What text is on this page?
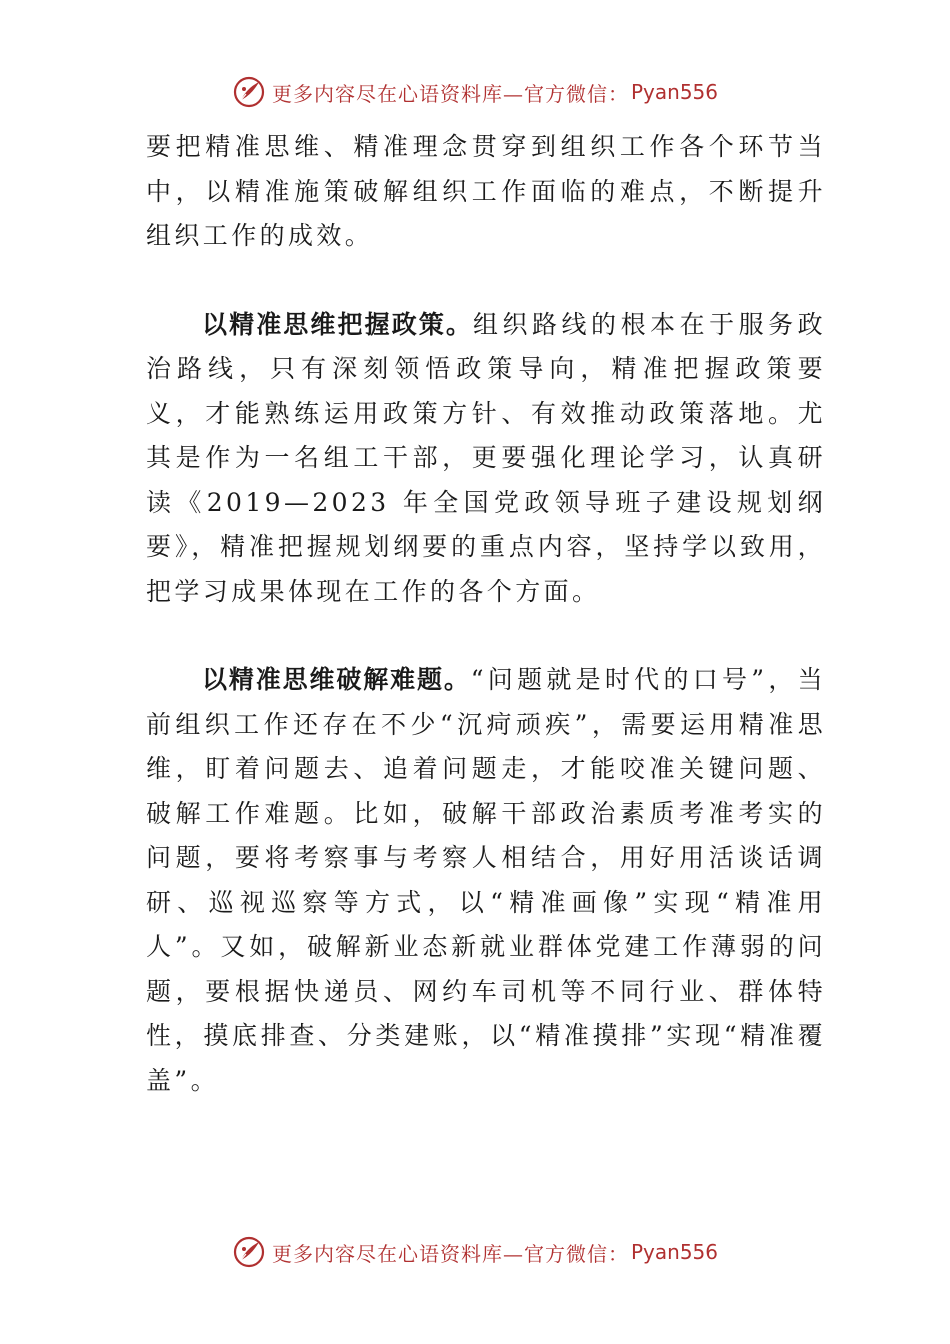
更多内容尽在心语资料库—官方微信： Pyan556

要把精准思维、精准理念贯穿到组织工作各个环节当中，以精准施策破解组织工作面临的难点，不断提升组织工作的成效。

以精准思维把握政策。组织路线的根本在于服务政治路线，只有深刻领悟政策导向，精准把握政策要义，才能熟练运用政策方针、有效推动政策落地。尤其是作为一名组工干部，更要强化理论学习，认真研读《2019—2023 年全国党政领导班子建设规划纲要》，精准把握规划纲要的重点内容，坚持学以致用，把学习成果体现在工作的各个方面。

以精准思维破解难题。“问题就是时代的口号”，当前组织工作还存在不少“沉疴顽疾”，需要运用精准思维，盯着问题去、追着问题走，才能咬准关键问题、破解工作难题。比如，破解干部政治素质考准考实的问题，要将考察事与考察人相结合，用好用活谈话调研、巡视巡察等方式，以“精准画像”实现“精准用人”。又如，破解新业态新就业群体党建工作薄弱的问题，要根据快递员、网约车司机等不同行业、群体特性，摸底排查、分类建账，以“精准摸排”实现“精准覆盖”。

更多内容尽在心语资料库—官方微信： Pyan556
